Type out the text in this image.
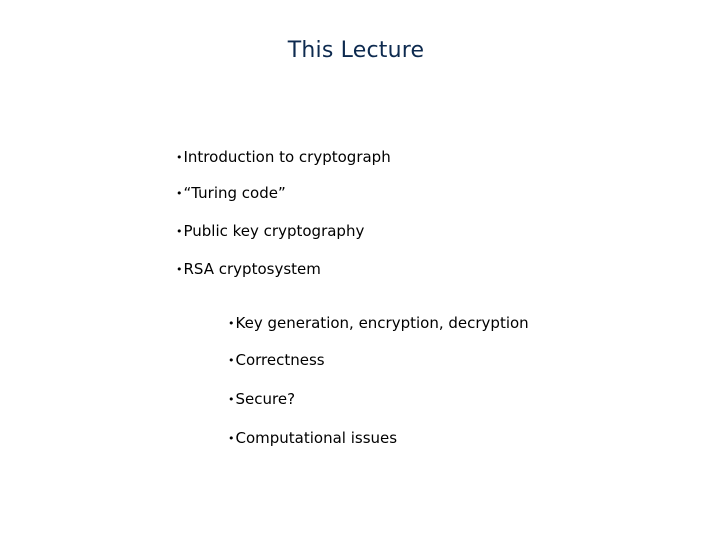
This Lecture
•Introduction to cryptograph
•“Turing code”
•Public key cryptography
•RSA cryptosystem
•Key generation, encryption, decryption
•Correctness
•Secure?
•Computational issues
